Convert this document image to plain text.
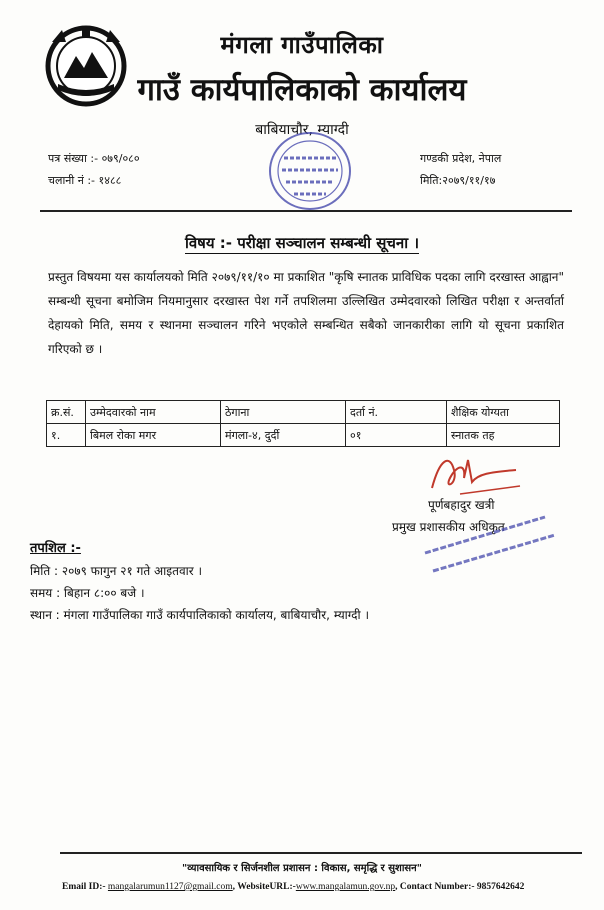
मंगला गाउँपालिका
गाउँ कार्यपालिकाको कार्यालय
बाबियाचौर, म्याग्दी
पत्र संख्या :- ०७९/०८०
चलानी नं :- १४८८
गण्डकी प्रदेश, नेपाल
मिति:२०७९/११/१७
विषय :- परीक्षा सञ्चालन सम्बन्धी सूचना ।
प्रस्तुत विषयमा यस कार्यालयको मिति २०७९/११/१० मा प्रकाशित "कृषि स्नातक प्राविधिक पदका लागि दरखास्त आह्वान" सम्बन्धी सूचना बमोजिम नियमानुसार दरखास्त पेश गर्ने तपशिलमा उल्लिखित उम्मेदवारको लिखित परीक्षा र अन्तर्वार्ता देहायको मिति, समय र स्थानमा सञ्चालन गरिने भएकोले सम्बन्धित सबैको जानकारीका लागि यो सूचना प्रकाशित गरिएको छ ।
क्र.सं.	उम्मेदवारको नाम	ठेगाना	दर्ता नं.	शैक्षिक योग्यता
१.	बिमल रोका मगर	मंगला-४, दुर्दी	०१	स्नातक तह
पूर्णबहादुर खत्री
प्रमुख प्रशासकीय अधिकृत
तपशिल :-
मिति : २०७९ फागुन २१ गते आइतवार ।
समय : बिहान ८:०० बजे ।
स्थान : मंगला गाउँपालिका गाउँ कार्यपालिकाको कार्यालय, बाबियाचौर, म्याग्दी ।
"व्यावसायिक र सिर्जनशील प्रशासन : विकास, समृद्धि र सुशासन"
Email ID:- mangalarumun1127@gmail.com, WebsiteURL:-www.mangalamun.gov.np, Contact Number:- 9857642642
